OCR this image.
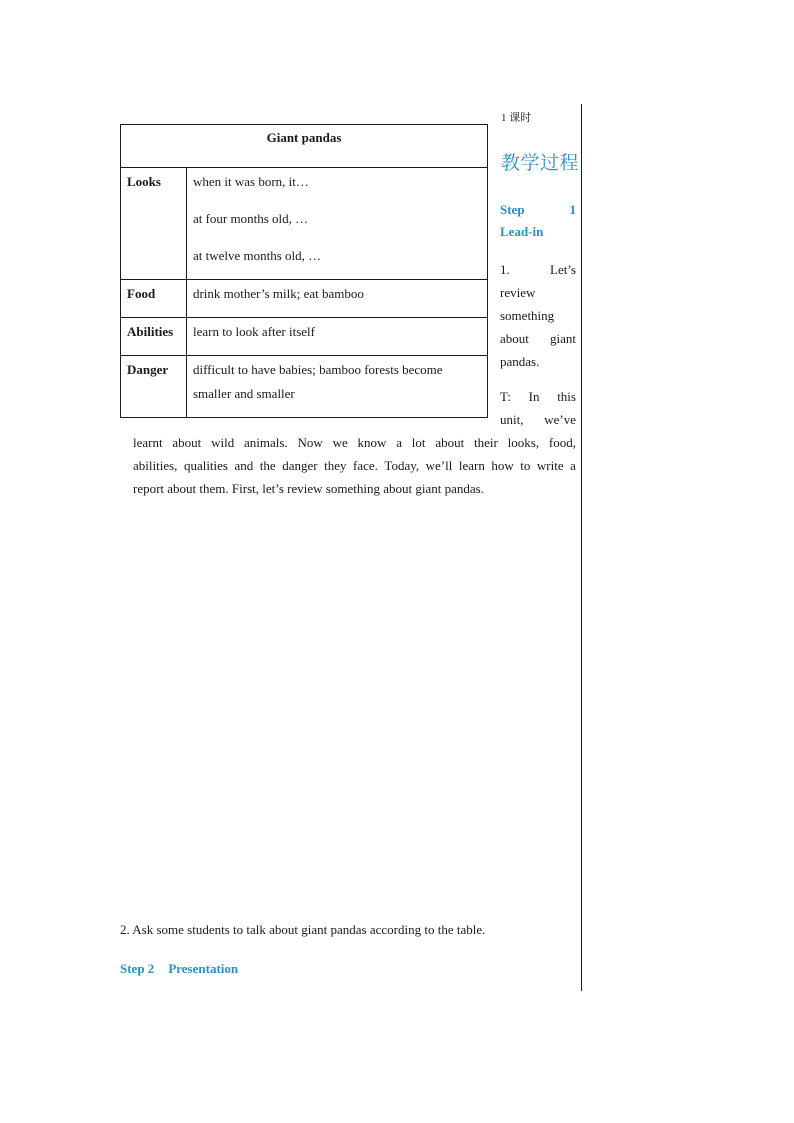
1 课时
教学过程
Step	1
Lead-in
1.	Let’s
review
something
about giant
pandas.
T: In this
unit, we’ve
Giant pandas	
Looks	when it was born, it…
at four months old, …
at twelve months old, …

Food	drink mother’s milk; eat bamboo

Abilities	learn to look after itself

Danger	difficult to have babies; bamboo forests become
smaller and smaller
learnt about wild animals. Now we know a lot about their looks, food,
abilities, qualities and the danger they face. Today, we’ll learn how to write a
report about them. First, let’s review something about giant pandas.
2. Ask some students to talk about giant pandas according to the table.
Step 2 Presentation
